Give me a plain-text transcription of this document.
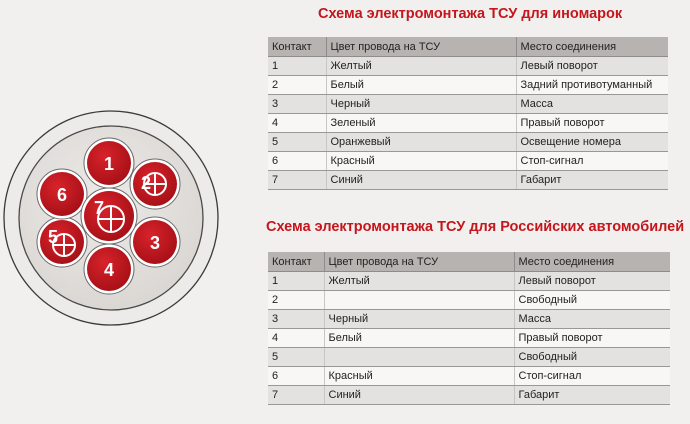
1
2
3
4
5
6
7
Схема электромонтажа ТСУ для иномарок
Контакт	Цвет провода на ТСУ	Место соединения
1	Желтый	Левый поворот
2	Белый	Задний противотуманный
3	Черный	Масса
4	Зеленый	Правый поворот
5	Оранжевый	Освещение номера
6	Красный	Стоп-сигнал
7	Синий	Габарит
Схема электромонтажа ТСУ для Российских автомобилей
Контакт	Цвет провода на ТСУ	Место соединения
1	Желтый	Левый поворот
2		Свободный
3	Черный	Масса
4	Белый	Правый поворот
5		Свободный
6	Красный	Стоп-сигнал
7	Синий	Габарит
